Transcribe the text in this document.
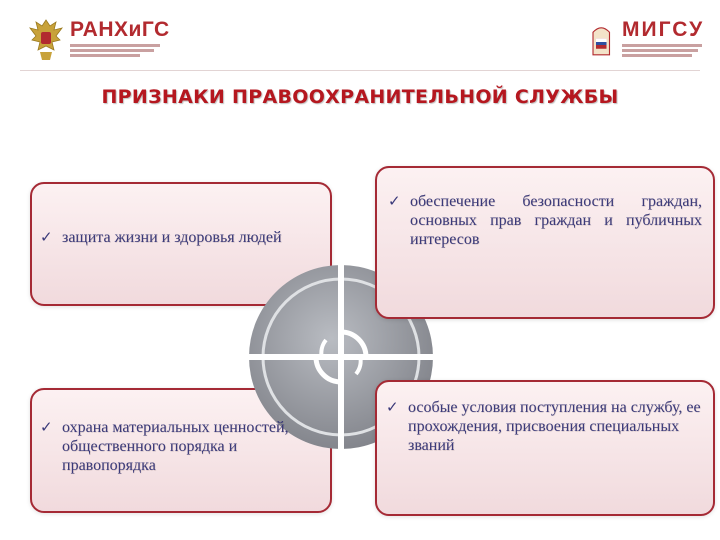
РАНХиГС	МИГСУ
ПРИЗНАКИ ПРАВООХРАНИТЕЛЬНОЙ СЛУЖБЫ
✓ защита жизни и здоровья людей
✓ охрана материальных ценностей, общественного порядка и правопорядка
✓ обеспечение безопасности граждан, основных прав граждан и публичных интересов
✓ особые условия поступления на службу, ее прохождения, присвоения специальных званий
